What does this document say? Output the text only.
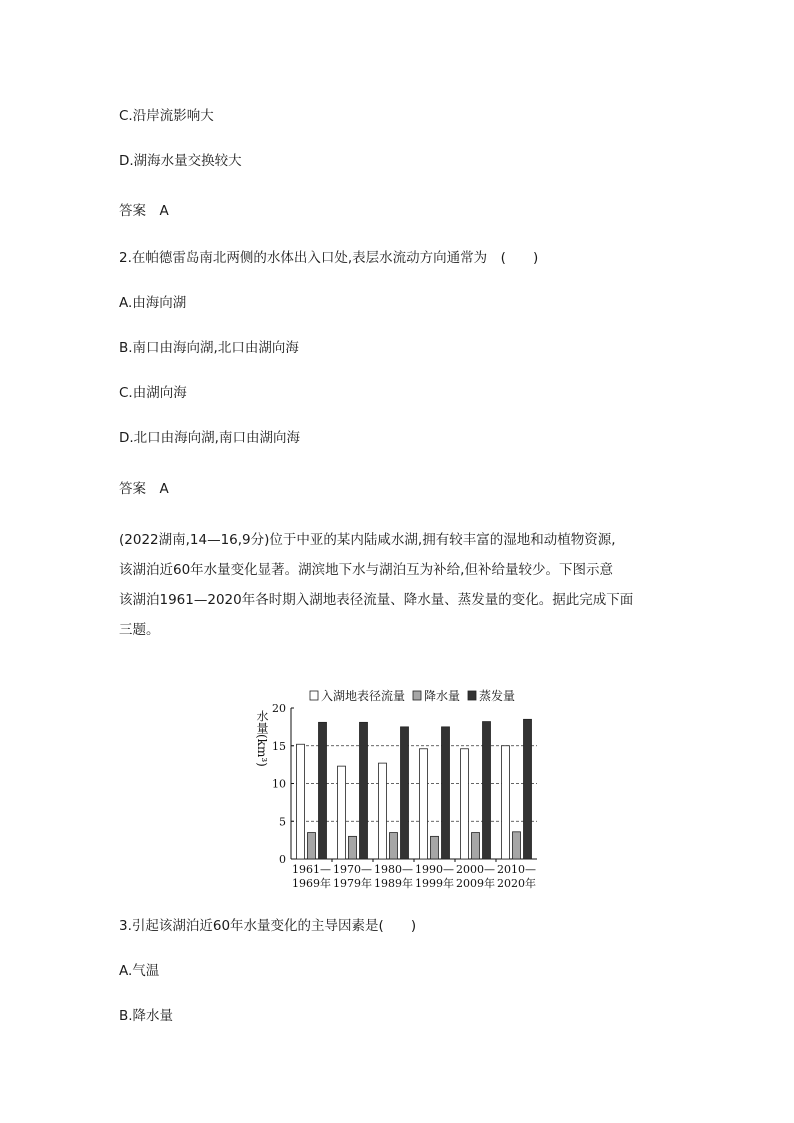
C.沿岸流影响大
D.湖海水量交换较大
答案　A
2.在帕德雷岛南北两侧的水体出入口处,表层水流动方向通常为　(　　)
A.由海向湖
B.南口由海向湖,北口由湖向海
C.由湖向海
D.北口由海向湖,南口由湖向海
答案　A
(2022湖南,14—16,9分)位于中亚的某内陆咸水湖,拥有较丰富的湿地和动植物资源,
该湖泊近60年水量变化显著。湖滨地下水与湖泊互为补给,但补给量较少。下图示意
该湖泊1961—2020年各时期入湖地表径流量、降水量、蒸发量的变化。据此完成下面
三题。
0
5
10
15
20
水量(km³)
1961—
1969年
1970—
1979年
1980—
1989年
1990—
1999年
2000—
2009年
2010—
2020年
入湖地表径流量 降水量 蒸发量
3.引起该湖泊近60年水量变化的主导因素是(　　)
A.气温
B.降水量
